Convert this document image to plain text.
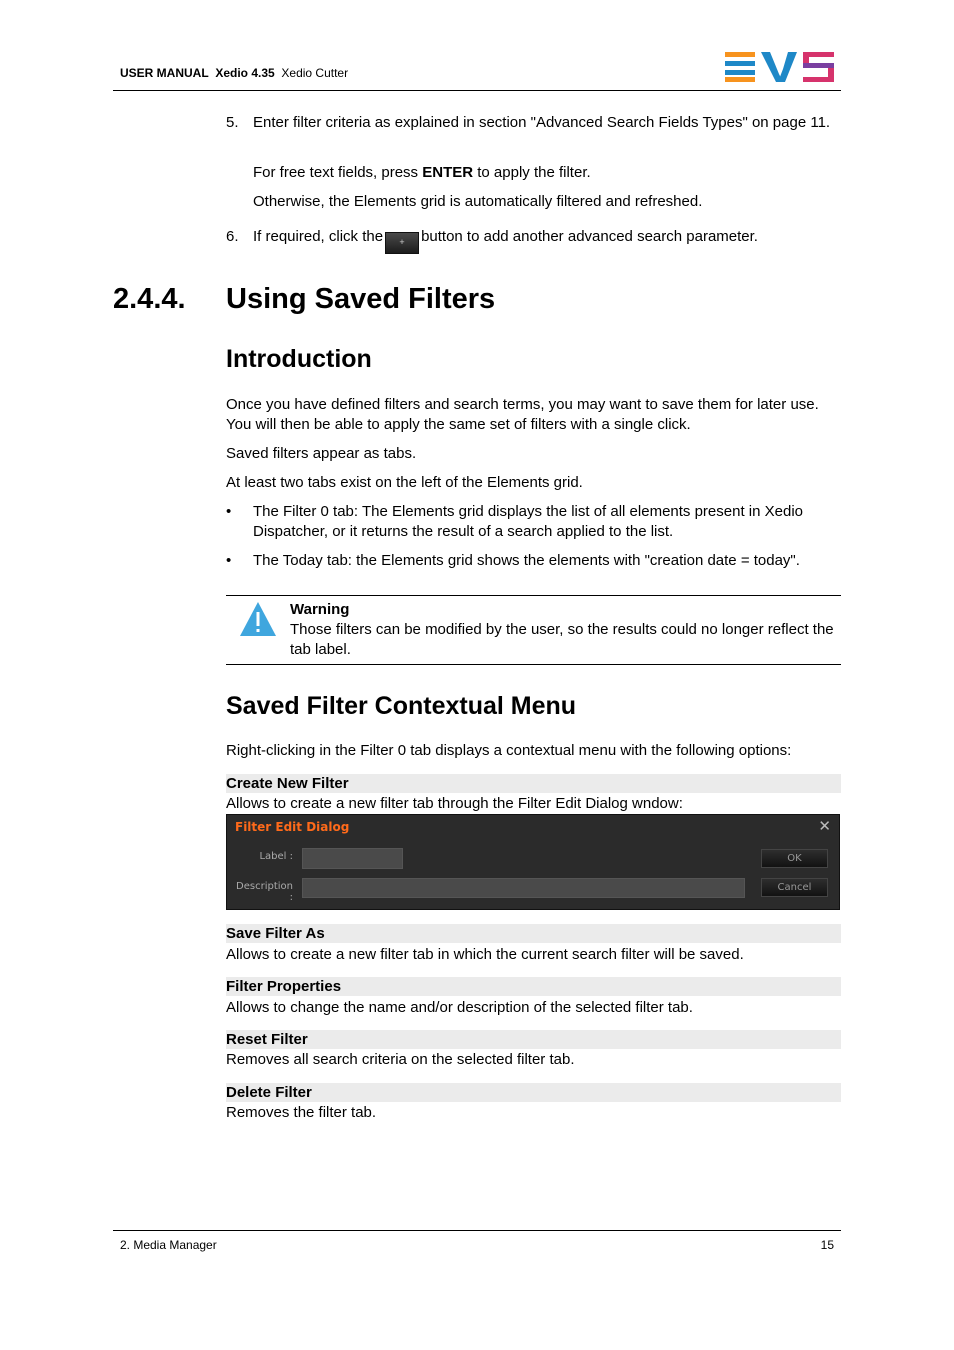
USER MANUAL Xedio 4.35 Xedio Cutter
5. Enter filter criteria as explained in section "Advanced Search Fields Types" on page 11.
For free text fields, press ENTER to apply the filter.
Otherwise, the Elements grid is automatically filtered and refreshed.
6. If required, click the + button to add another advanced search parameter.
2.4.4. Using Saved Filters
Introduction
Once you have defined filters and search terms, you may want to save them for later use. You will then be able to apply the same set of filters with a single click.
Saved filters appear as tabs.
At least two tabs exist on the left of the Elements grid.
• The Filter 0 tab: The Elements grid displays the list of all elements present in Xedio Dispatcher, or it returns the result of a search applied to the list.
• The Today tab: the Elements grid shows the elements with "creation date = today".
Warning
Those filters can be modified by the user, so the results could no longer reflect the tab label.
Saved Filter Contextual Menu
Right-clicking in the Filter 0 tab displays a contextual menu with the following options:
Create New Filter
Allows to create a new filter tab through the Filter Edit Dialog wndow:
Filter Edit Dialog	✕
Label :
Description :
OK
Cancel
Save Filter As
Allows to create a new filter tab in which the current search filter will be saved.
Filter Properties
Allows to change the name and/or description of the selected filter tab.
Reset Filter
Removes all search criteria on the selected filter tab.
Delete Filter
Removes the filter tab.
2. Media Manager	15
